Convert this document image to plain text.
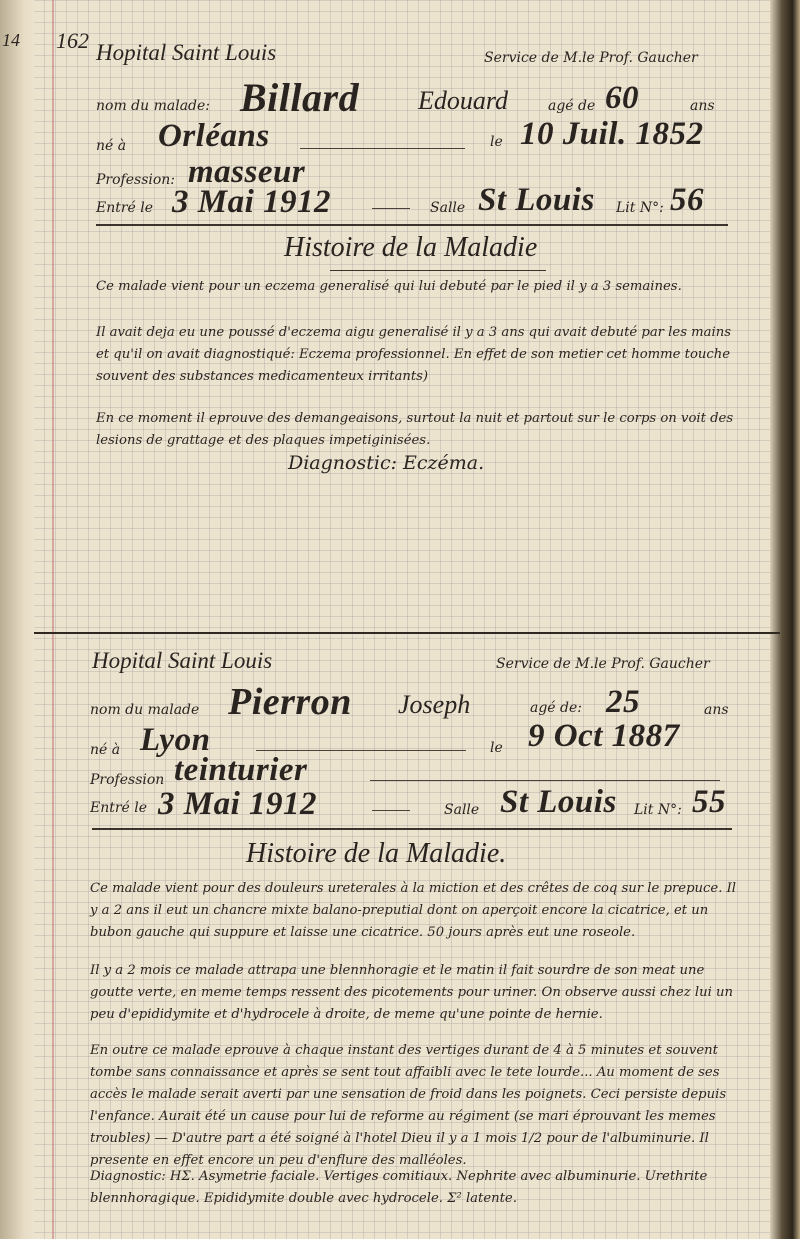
14 162 Hopital Saint Louis	Service de M.le Prof. Gaucher
nom du malade: Billard Edouard	agé de 60	ans
né à Orléans	le 10 Juil. 1852
Profession: masseur
Entré le 3 Mai 1912	Salle St Louis Lit N°: 56
Histoire de la Maladie
Ce malade vient pour un eczema generalisé qui lui debuté par le pied il y a 3 semaines.
Il avait deja eu une poussé d'eczema aigu generalisé il y a 3 ans qui avait debuté par les mains et qu'il on avait diagnostiqué: Eczema professionnel. En effet de son metier cet homme touche souvent des substances medicamenteux irritants)
En ce moment il eprouve des demangeaisons, surtout la nuit et partout sur le corps on voit des lesions de grattage et des plaques impetiginisées.
Diagnostic: Eczéma.
Hopital Saint Louis	Service de M.le Prof. Gaucher
nom du malade Pierron Joseph	agé de: 25	ans
né à Lyon	le 9 Oct 1887
Profession teinturier
Entré le 3 Mai 1912	Salle St Louis Lit N°: 55
Histoire de la Maladie.
Ce malade vient pour des douleurs ureterales à la miction et des crêtes de coq sur le prepuce. Il y a 2 ans il eut un chancre mixte balano-preputial dont on aperçoit encore la cicatrice, et un bubon gauche qui suppure et laisse une cicatrice. 50 jours après eut une roseole.
Il y a 2 mois ce malade attrapa une blennhoragie et le matin il fait sourdre de son meat une goutte verte, en meme temps ressent des picotements pour uriner. On observe aussi chez lui un peu d'epididymite et d'hydrocele à droite, de meme qu'une pointe de hernie.
En outre ce malade eprouve à chaque instant des vertiges durant de 4 à 5 minutes et souvent tombe sans connaissance et après se sent tout affaibli avec le tete lourde... Au moment de ses accès le malade serait averti par une sensation de froid dans les poignets. Ceci persiste depuis l'enfance. Aurait été un cause pour lui de reforme au régiment (se mari éprouvant les memes troubles) — D'autre part a été soigné à l'hotel Dieu il y a 1 mois 1/2 pour de l'albuminurie. Il presente en effet encore un peu d'enflure des malléoles.
Diagnostic: HΣ. Asymetrie faciale. Vertiges comitiaux. Nephrite avec albuminurie. Urethrite blennhoragique. Epididymite double avec hydrocele. Σ² latente.
